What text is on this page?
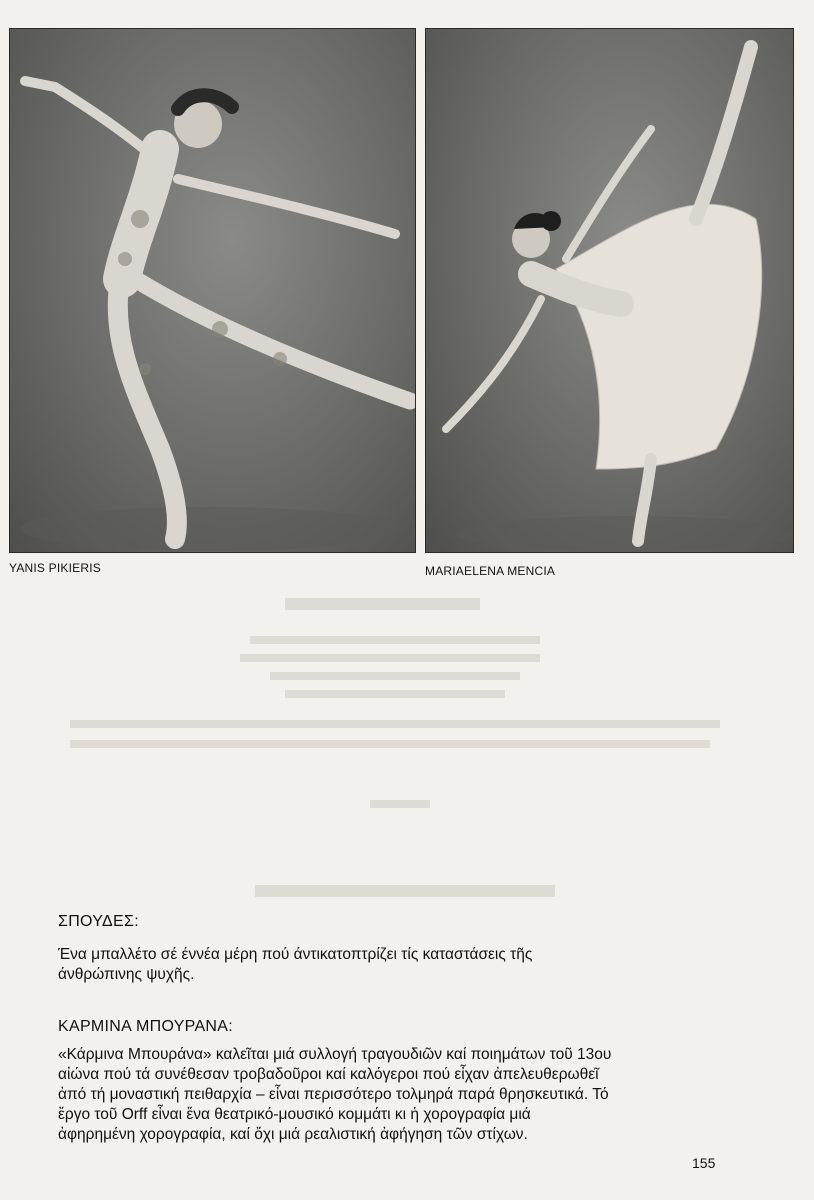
YANIS PIKIERIS	MARIAELENA MENCIA
ΣΠΟΥΔΕΣ:

Ένα μπαλλέτο σέ έννέα μέρη πού άντικατοπτρίζει τίς καταστάσεις τῆς
άνθρώπινης ψυχῆς.

ΚΑΡΜΙΝΑ ΜΠΟΥΡΑΝΑ:

«Κάρμινα Μπουράνα» καλεῖται μιά συλλογή τραγουδιῶν καί ποιημάτων τοῦ 13ου
αἰώνα πού τά συνέθεσαν τροβαδοῦροι καί καλόγεροι πού εἶχαν ἀπελευθερωθεῖ
ἀπό τή μοναστική πειθαρχία – εἶναι περισσότερο τολμηρά παρά θρησκευτικά. Τό
ἔργο τοῦ Orff εἶναι ἕνα θεατρικό-μουσικό κομμάτι κι ἡ χορογραφία μιά
ἀφηρημένη χορογραφία, καί ὄχι μιά ρεαλιστική ἀφήγηση τῶν στίχων.

155
